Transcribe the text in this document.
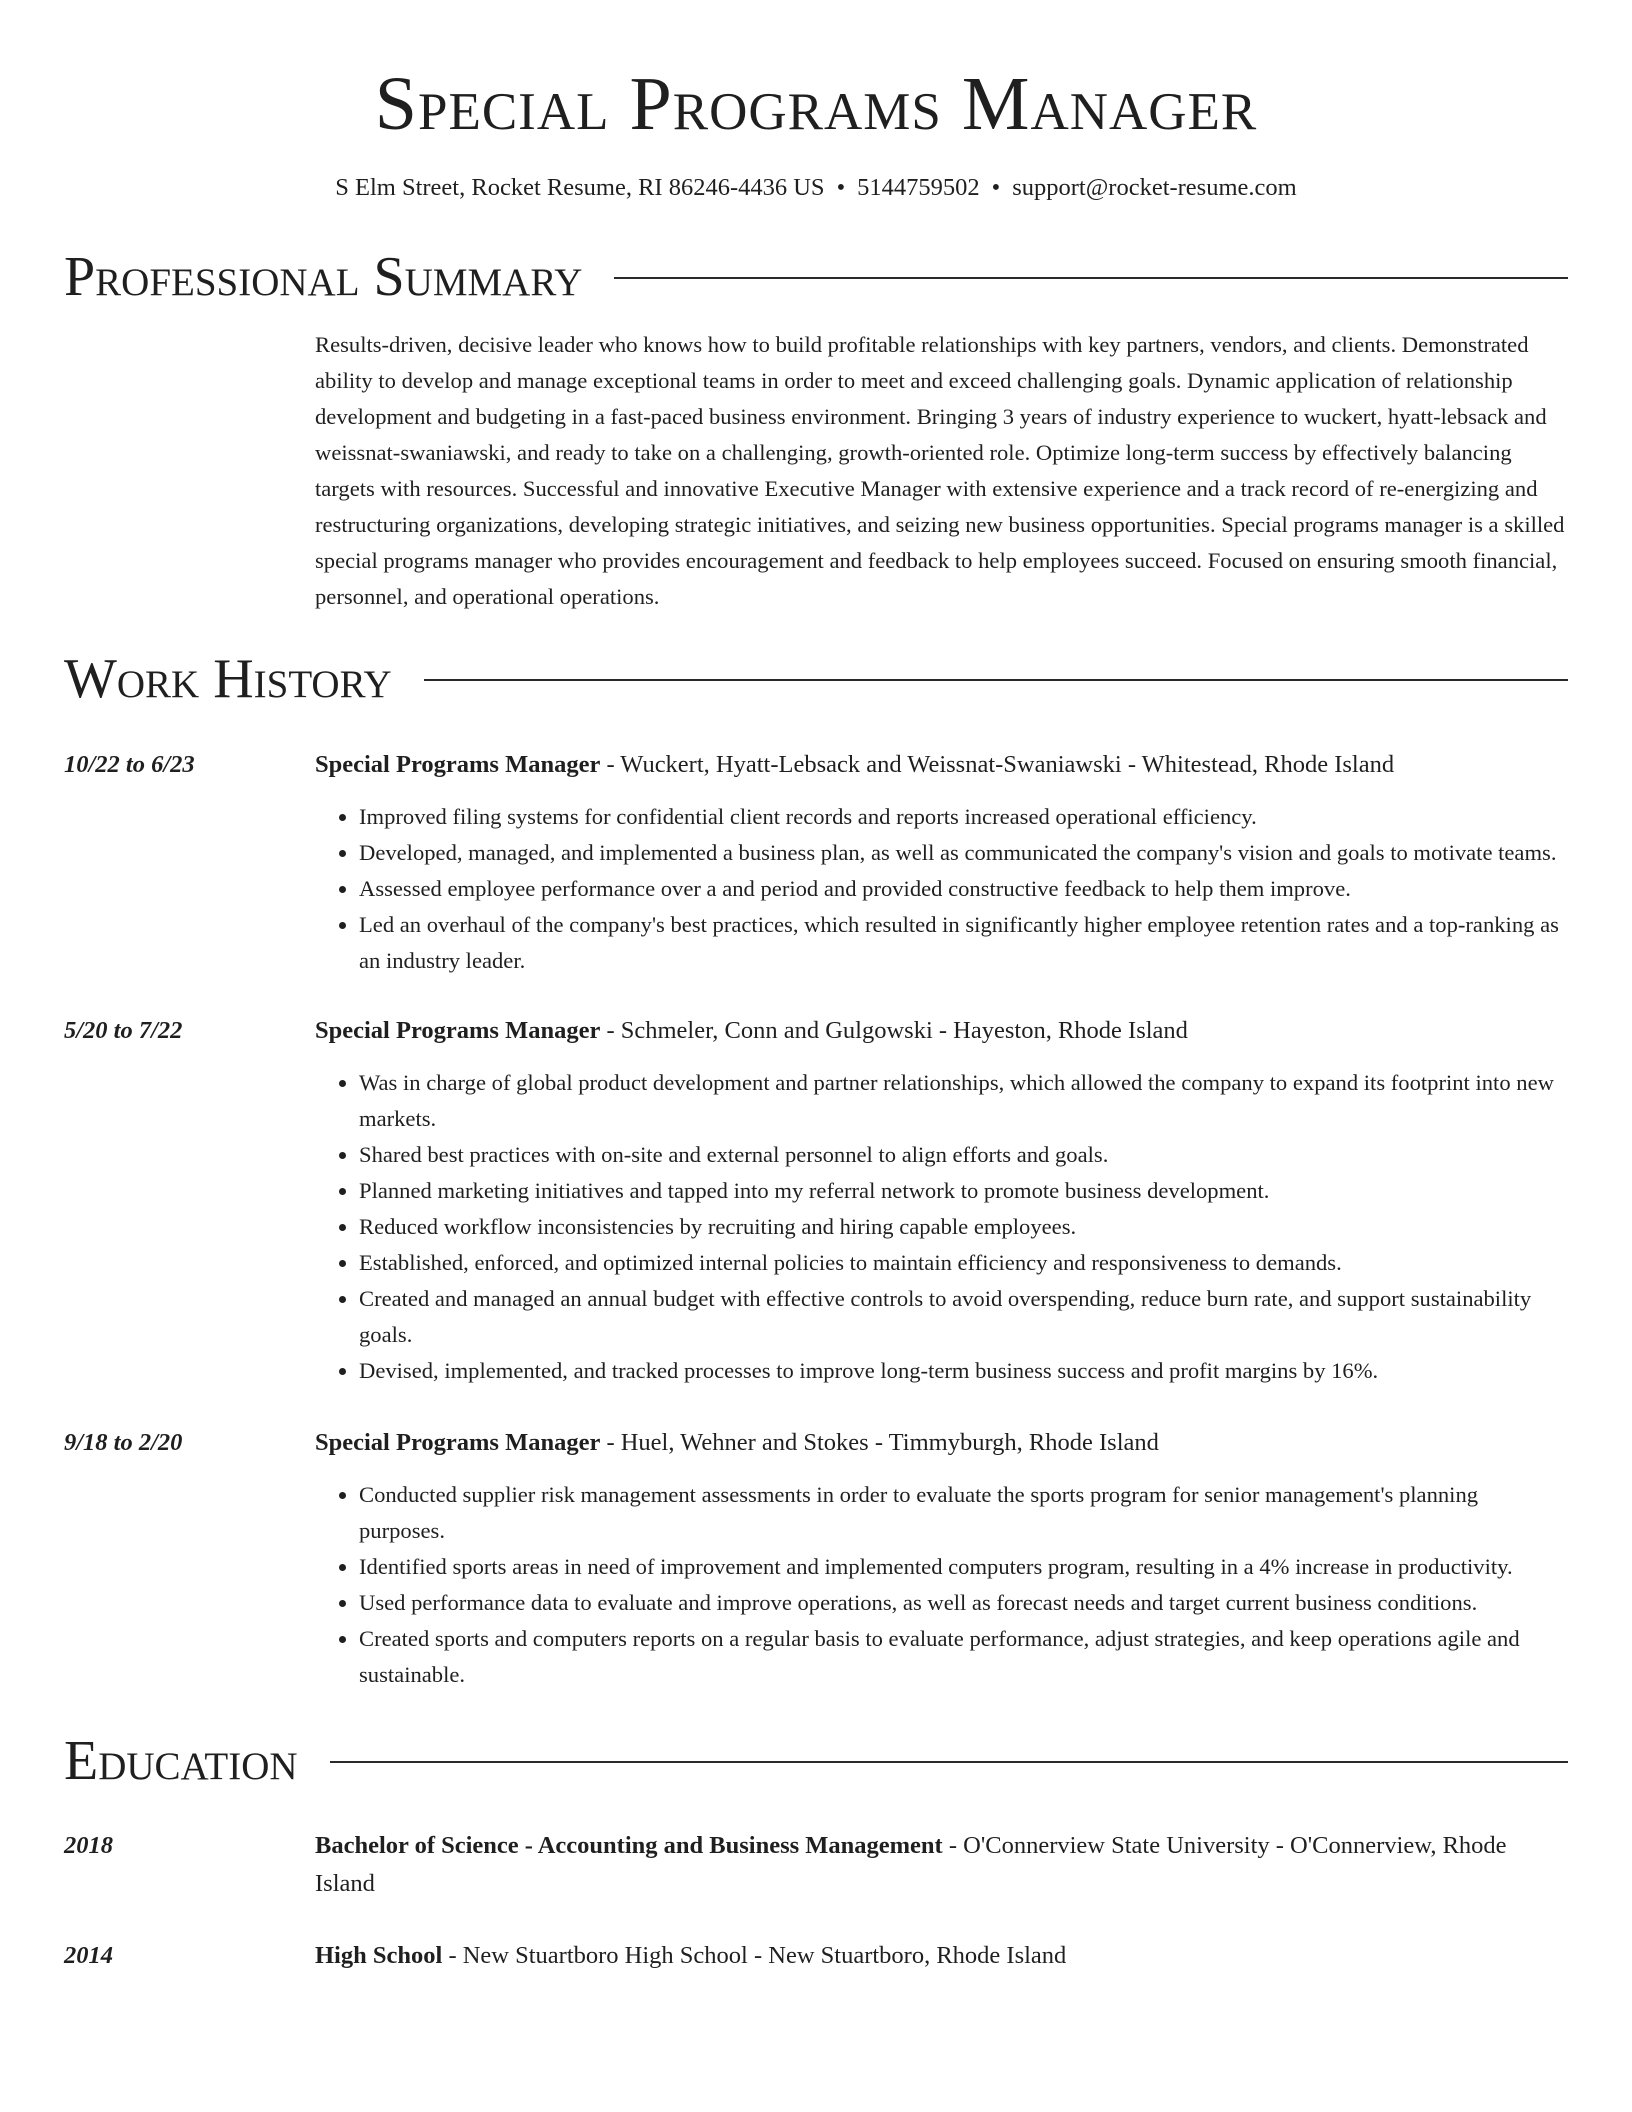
Special Programs Manager
S Elm Street, Rocket Resume, RI 86246-4436 US • 5144759502 • support@rocket-resume.com
Professional Summary
Results-driven, decisive leader who knows how to build profitable relationships with key partners, vendors, and clients. Demonstrated ability to develop and manage exceptional teams in order to meet and exceed challenging goals. Dynamic application of relationship development and budgeting in a fast-paced business environment. Bringing 3 years of industry experience to wuckert, hyatt-lebsack and weissnat-swaniawski, and ready to take on a challenging, growth-oriented role. Optimize long-term success by effectively balancing targets with resources. Successful and innovative Executive Manager with extensive experience and a track record of re-energizing and restructuring organizations, developing strategic initiatives, and seizing new business opportunities. Special programs manager is a skilled special programs manager who provides encouragement and feedback to help employees succeed. Focused on ensuring smooth financial, personnel, and operational operations.
Work History
10/22 to 6/23	Special Programs Manager - Wuckert, Hyatt-Lebsack and Weissnat-Swaniawski - Whitestead, Rhode Island
• Improved filing systems for confidential client records and reports increased operational efficiency.
• Developed, managed, and implemented a business plan, as well as communicated the company's vision and goals to motivate teams.
• Assessed employee performance over a and period and provided constructive feedback to help them improve.
• Led an overhaul of the company's best practices, which resulted in significantly higher employee retention rates and a top-ranking as an industry leader.
5/20 to 7/22	Special Programs Manager - Schmeler, Conn and Gulgowski - Hayeston, Rhode Island
• Was in charge of global product development and partner relationships, which allowed the company to expand its footprint into new markets.
• Shared best practices with on-site and external personnel to align efforts and goals.
• Planned marketing initiatives and tapped into my referral network to promote business development.
• Reduced workflow inconsistencies by recruiting and hiring capable employees.
• Established, enforced, and optimized internal policies to maintain efficiency and responsiveness to demands.
• Created and managed an annual budget with effective controls to avoid overspending, reduce burn rate, and support sustainability goals.
• Devised, implemented, and tracked processes to improve long-term business success and profit margins by 16%.
9/18 to 2/20	Special Programs Manager - Huel, Wehner and Stokes - Timmyburgh, Rhode Island
• Conducted supplier risk management assessments in order to evaluate the sports program for senior management's planning purposes.
• Identified sports areas in need of improvement and implemented computers program, resulting in a 4% increase in productivity.
• Used performance data to evaluate and improve operations, as well as forecast needs and target current business conditions.
• Created sports and computers reports on a regular basis to evaluate performance, adjust strategies, and keep operations agile and sustainable.
Education
2018	Bachelor of Science - Accounting and Business Management - O'Connerview State University - O'Connerview, Rhode Island
2014	High School - New Stuartboro High School - New Stuartboro, Rhode Island
